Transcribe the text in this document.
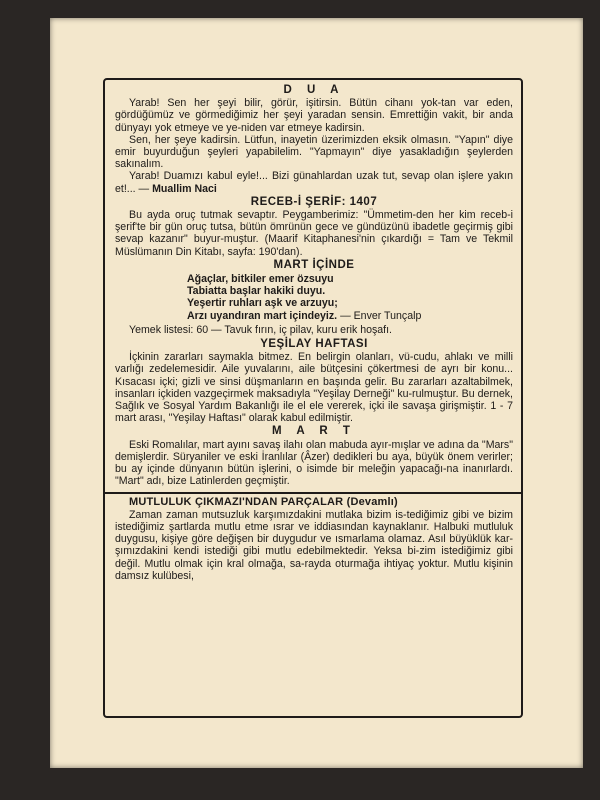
D U A

Yarab! Sen her şeyi bilir, görür, işitirsin. Bütün cihanı yok-tan var eden, gördüğümüz ve görmediğimiz her şeyi yaradan sensin. Emrettiğin vakit, bir anda dünyayı yok etmeye ve ye-niden var etmeye kadirsin.

Sen, her şeye kadirsin. Lütfun, inayetin üzerimizden eksik olmasın. "Yapın" diye emir buyurduğun şeyleri yapabilelim. "Yapmayın" diye yasakladığın şeylerden sakınalım.

Yarab! Duamızı kabul eyle!... Bizi günahlardan uzak tut, sevap olan işlere yakın et!... — Muallim Naci

RECEB-İ ŞERİF: 1407

Bu ayda oruç tutmak sevaptır. Peygamberimiz: "Ümmetim-den her kim receb-i şerif'te bir gün oruç tutsa, bütün ömrünün gece ve gündüzünü ibadetle geçirmiş gibi sevap kazanır" buyur-muştur. (Maarif Kitaphanesi'nin çıkardığı = Tam ve Tekmil Müslümanın Din Kitabı, sayfa: 190'dan).

MART İÇİNDE
Ağaçlar, bitkiler emer özsuyu
Tabiatta başlar hakiki duyu.
Yeşertir ruhları aşk ve arzuyu;
Arzı uyandıran mart içindeyiz. — Enver Tunçalp
Yemek listesi: 60 — Tavuk fırın, iç pilav, kuru erik hoşafı.
YEŞİLAY HAFTASI

İçkinin zararları saymakla bitmez. En belirgin olanları, vü-cudu, ahlakı ve milli varlığı zedelemesidir. Aile yuvalarını, aile bütçesini çökertmesi de ayrı bir konu... Kısacası içki; gizli ve sinsi düşmanların en başında gelir. Bu zararları azaltabilmek, insanları içkiden vazgeçirmek maksadıyla "Yeşilay Derneği" ku-rulmuştur. Bu dernek, Sağlık ve Sosyal Yardım Bakanlığı ile el ele vererek, içki ile savaşa girişmiştir. 1 - 7 mart arası, "Yeşilay Haftası" olarak kabul edilmiştir.

M A R T

Eski Romalılar, mart ayını savaş ilahı olan mabuda ayır-mışlar ve adına da "Mars" demişlerdir. Süryaniler ve eski İranlılar (Âzer) dedikleri bu aya, büyük önem verirler; bu ay içinde dünyanın bütün işlerini, o isimde bir meleğin yapacağı-na inanırlardı. "Mart" adı, bize Latinlerden geçmiştir.

MUTLULUK ÇIKMAZI'NDAN PARÇALAR (Devamlı)

Zaman zaman mutsuzluk karşımızdakini mutlaka bizim is-tediğimiz gibi ve bizim istediğimiz şartlarda mutlu etme ısrar ve iddiasından kaynaklanır. Halbuki mutluluk duygusu, kişiye göre değişen bir duygudur ve ısmarlama olamaz. Asıl büyüklük kar-şımızdakini kendi istediği gibi mutlu edebilmektedir. Yeksa bi-zim istediğimiz gibi değil. Mutlu olmak için kral olmağa, sa-rayda oturmağa ihtiyaç yoktur. Mutlu kişinin damsız kulübesi,
